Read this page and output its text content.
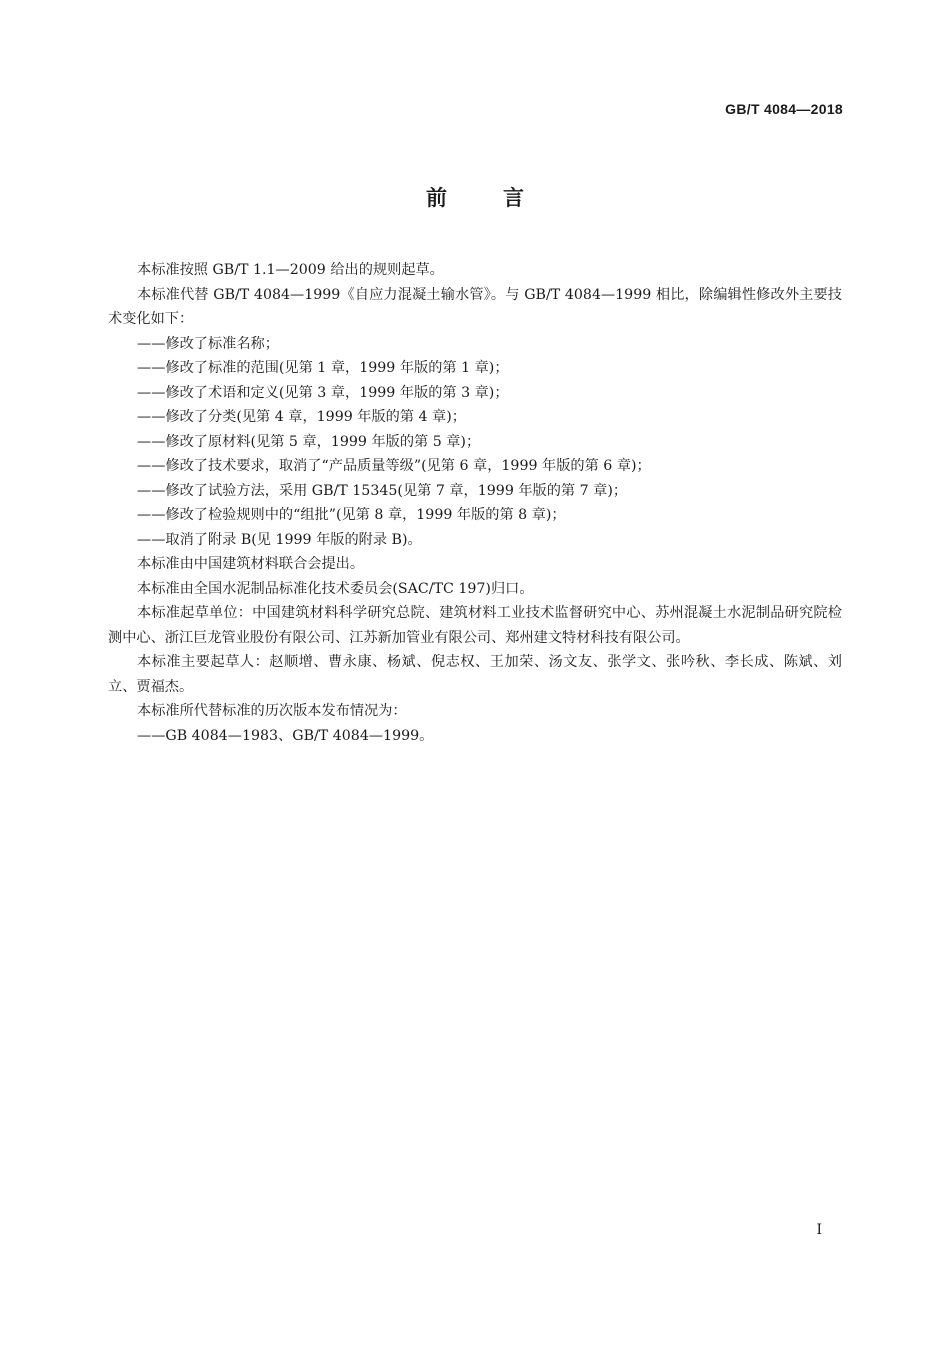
GB/T 4084—2018
前言

本标准按照 GB/T 1.1—2009 给出的规则起草。

本标准代替 GB/T 4084—1999《自应力混凝土输水管》。与 GB/T 4084—1999 相比，除编辑性修改外主要技术变化如下：

——修改了标准名称；

——修改了标准的范围(见第 1 章，1999 年版的第 1 章)；

——修改了术语和定义(见第 3 章，1999 年版的第 3 章)；

——修改了分类(见第 4 章，1999 年版的第 4 章)；

——修改了原材料(见第 5 章，1999 年版的第 5 章)；

——修改了技术要求，取消了“产品质量等级”(见第 6 章，1999 年版的第 6 章)；

——修改了试验方法，采用 GB/T 15345(见第 7 章，1999 年版的第 7 章)；

——修改了检验规则中的“组批”(见第 8 章，1999 年版的第 8 章)；

——取消了附录 B(见 1999 年版的附录 B)。

本标准由中国建筑材料联合会提出。

本标准由全国水泥制品标准化技术委员会(SAC/TC 197)归口。

本标准起草单位：中国建筑材料科学研究总院、建筑材料工业技术监督研究中心、苏州混凝土水泥制品研究院检测中心、浙江巨龙管业股份有限公司、江苏新加管业有限公司、郑州建文特材科技有限公司。

本标准主要起草人：赵顺增、曹永康、杨斌、倪志权、王加荣、汤文友、张学文、张吟秋、李长成、陈斌、刘立、贾福杰。

本标准所代替标准的历次版本发布情况为：

——GB 4084—1983、GB/T 4084—1999。

I
